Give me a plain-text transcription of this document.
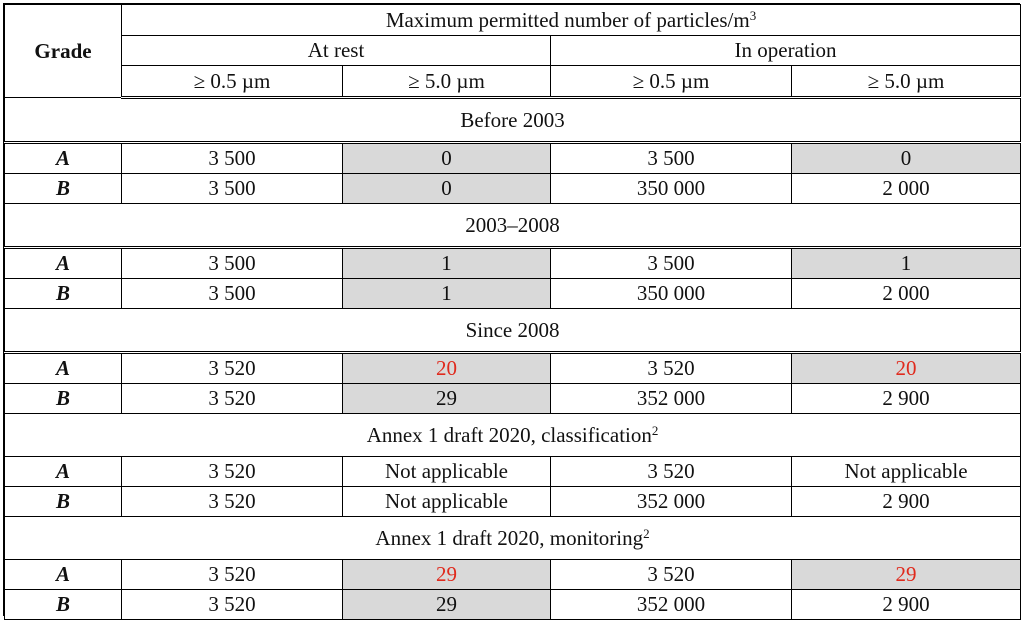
Grade	Maximum permitted number of particles/$m^3$
	At rest		In operation	
	≥ 0.5 µm	≥ 5.0 µm	≥ 0.5 µm	≥ 5.0 µm
Before 2003				
A	3 500	0	3 500	0
B	3 500	0	350 000	2 000
2003–2008				
A	3 500	1	3 500	1
B	3 500	1	350 000	2 000
Since 2008				
A	3 520	20	3 520	20
B	3 520	29	352 000	2 900
Annex 1 draft 2020, classification$^2$
A	3 520	Not applicable	3 520	Not applicable
B	3 520	Not applicable	352 000	2 900
Annex 1 draft 2020, monitoring$^2$
A	3 520	29	3 520	29
B	3 520	29	352 000	2 900
